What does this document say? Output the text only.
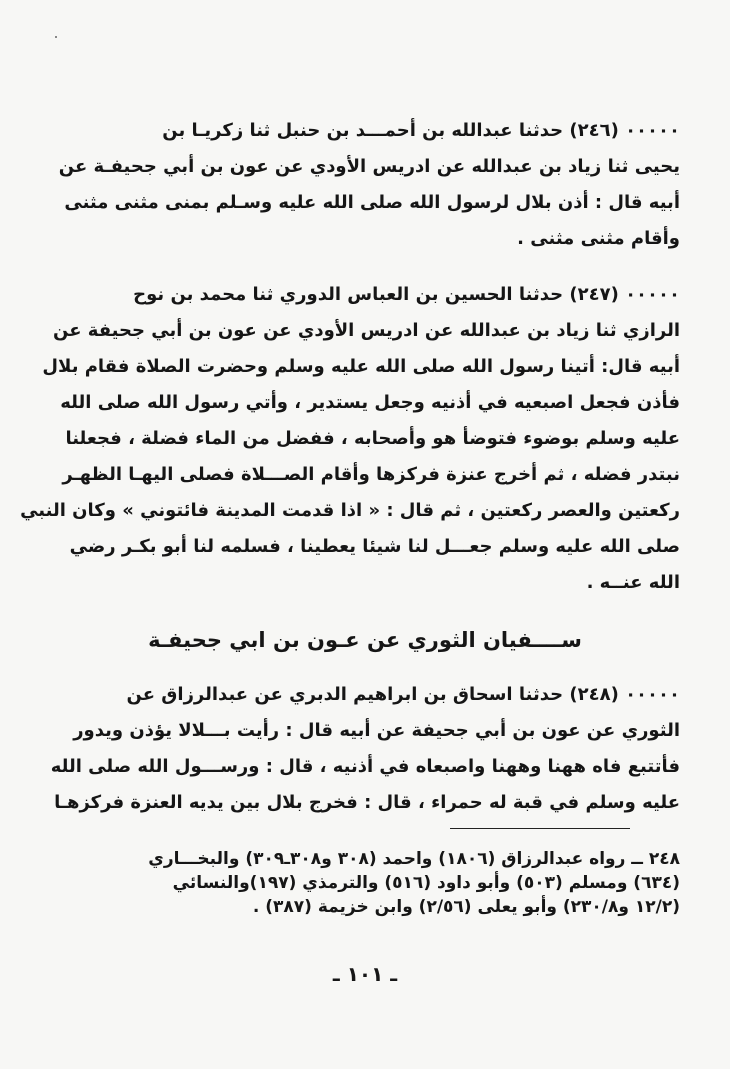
۰۰۰۰۰ (٢٤٦) حدثنا عبدالله بن أحمـــد بن حنبل ثنا زكريـا بن
يحيى ثنا زياد بن عبدالله عن ادريس الأودي عن عون بن أبي جحيفـة عن
أبيه قال : أذن بلال لرسول الله صلى الله عليه وسـلم بمنى مثنى مثنى
وأقام مثنى مثنى .
۰۰۰۰۰ (٢٤٧) حدثنا الحسين بن العباس الدوري ثنا محمد بن نوح
الرازي ثنا زياد بن عبدالله عن ادريس الأودي عن عون بن أبي جحيفة عن
أبيه قال: أتينا رسول الله صلى الله عليه وسلم وحضرت الصلاة فقام بلال
فأذن فجعل اصبعيه في أذنيه وجعل يستدير ، وأتي رسول الله صلى الله
عليه وسلم بوضوء فتوضأ هو وأصحابه ، ففضل من الماء فضلة ، فجعلنا
نبتدر فضله ، ثم أخرج عنزة فركزها وأقام الصـــلاة فصلى اليهـا الظهـر
ركعتين والعصر ركعتين ، ثم قال : « اذا قدمت المدينة فائتوني » وكان النبي
صلى الله عليه وسلم جعـــل لنا شيئا يعطينا ، فسلمه لنا أبو بكـر رضي
الله عنــه .
ســــفيان الثوري عن عـون بن ابي جحيفـة
۰۰۰۰۰ (٢٤٨) حدثنا اسحاق بن ابراهيم الدبري عن عبدالرزاق عن
الثوري عن عون بن أبي جحيفة عن أبيه قال : رأيت بـــلالا يؤذن ويدور
فأتتبع فاه ههنا وههنا واصبعاه في أذنيه ، قال : ورســـول الله صلى الله
عليه وسلم في قبة له حمراء ، قال : فخرج بلال بين يديه العنزة فركزهـا
٢٤٨ ــ رواه عبدالرزاق (١٨٠٦) واحمد (٣٠٨ و٣٠٨ـ٣٠٩) والبخـــاري
(٦٣٤) ومسلم (٥٠٣) وأبو داود (٥١٦) والترمذي (١٩٧)والنسائي
(١٢/٢ و٢٣٠/٨) وأبو يعلى (٢/٥٦) وابن خزيمة (٣٨٧) .
ـ ١٠١ ـ
